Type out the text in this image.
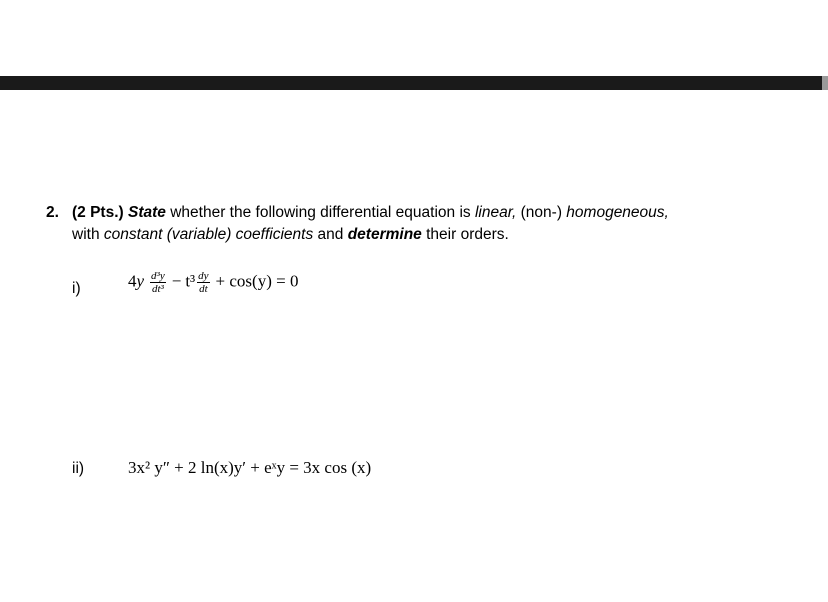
2. (2 Pts.) State whether the following differential equation is linear, (non-) homogeneous,
with constant (variable) coefficients and determine their orders.
i)	$4y \frac{\text{d³y}}{\text{dt³}} - t^3 \frac{dy}{dt} + \cos(y) = 0$
ii)	3x² y″ + 2 ln(x)y′ + eˣy = 3x cos (x)
